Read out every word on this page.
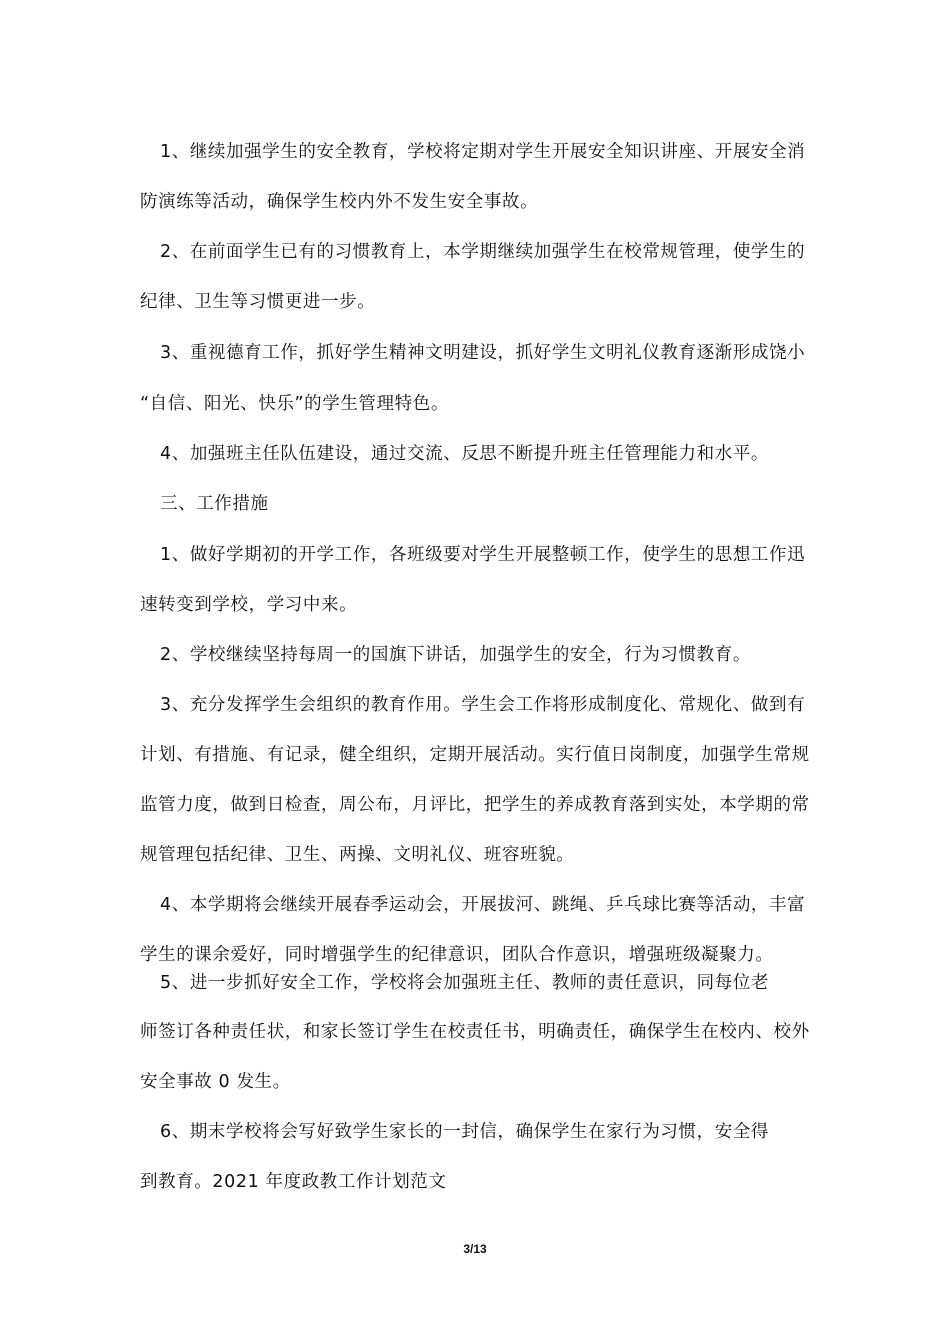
1、继续加强学生的安全教育，学校将定期对学生开展安全知识讲座、开展安全消
防演练等活动，确保学生校内外不发生安全事故。
2、在前面学生已有的习惯教育上，本学期继续加强学生在校常规管理，使学生的
纪律、卫生等习惯更进一步。
3、重视德育工作，抓好学生精神文明建设，抓好学生文明礼仪教育逐渐形成饶小
“自信、阳光、快乐”的学生管理特色。
4、加强班主任队伍建设，通过交流、反思不断提升班主任管理能力和水平。
三、工作措施
1、做好学期初的开学工作，各班级要对学生开展整顿工作，使学生的思想工作迅
速转变到学校，学习中来。
2、学校继续坚持每周一的国旗下讲话，加强学生的安全，行为习惯教育。
3、充分发挥学生会组织的教育作用。学生会工作将形成制度化、常规化、做到有
计划、有措施、有记录，健全组织，定期开展活动。实行值日岗制度，加强学生常规
监管力度，做到日检查，周公布，月评比，把学生的养成教育落到实处，本学期的常
规管理包括纪律、卫生、两操、文明礼仪、班容班貌。
4、本学期将会继续开展春季运动会，开展拔河、跳绳、乒乓球比赛等活动，丰富
学生的课余爱好，同时增强学生的纪律意识，团队合作意识，增强班级凝聚力。
5、进一步抓好安全工作，学校将会加强班主任、教师的责任意识，同每位老
师签订各种责任状，和家长签订学生在校责任书，明确责任，确保学生在校内、校外
安全事故 0 发生。
6、期末学校将会写好致学生家长的一封信，确保学生在家行为习惯，安全得
到教育。2021 年度政教工作计划范文
3/13
